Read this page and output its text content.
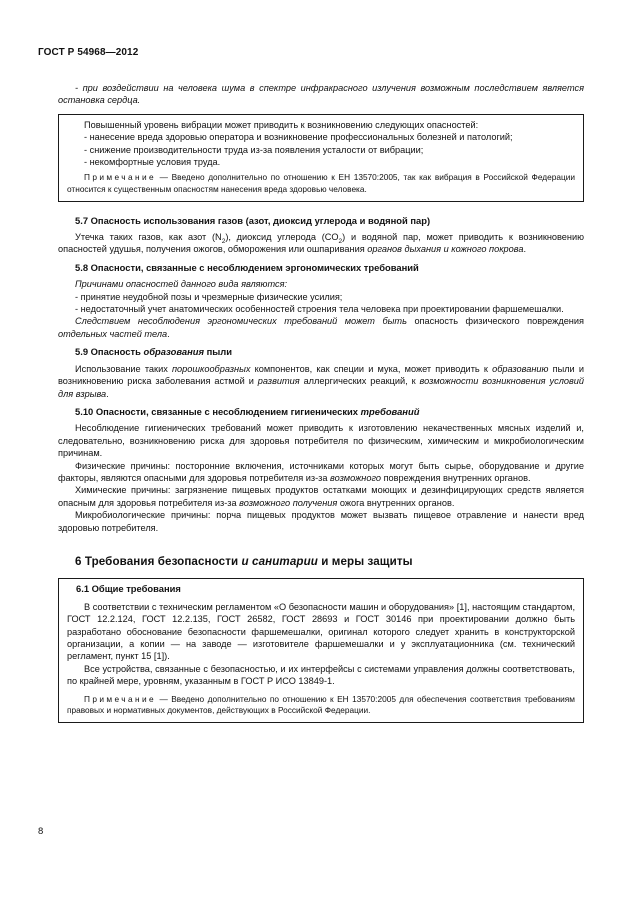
ГОСТ Р 54968—2012

- при воздействии на человека шума в спектре инфракрасного излучения возможным последствием является остановка сердца.

Повышенный уровень вибрации может приводить к возникновению следующих опасностей:

- нанесение вреда здоровью оператора и возникновение профессиональных болезней и патологий;

- снижение производительности труда из-за появления усталости от вибрации;

- некомфортные условия труда.

Примечание — Введено дополнительно по отношению к ЕН 13570:2005, так как вибрация в Российской Федерации относится к существенным опасностям нанесения вреда здоровью человека.

5.7 Опасность использования газов (азот, диоксид углерода и водяной пар)

Утечка таких газов, как азот $(N_2)$, диоксид углерода $(CO_2)$ и водяной пар, может приводить к возникновению опасностей удушья, получения ожогов, обморожения или ошпаривания органов дыхания и кожного покрова.

5.8 Опасности, связанные с несоблюдением эргономических требований

Причинами опасностей данного вида являются:

- принятие неудобной позы и чрезмерные физические усилия;

- недостаточный учет анатомических особенностей строения тела человека при проектировании фаршемешалки.

Следствием несоблюдения эргономических требований может быть опасность физического повреждения отдельных частей тела.

5.9 Опасность образования пыли

Использование таких порошкообразных компонентов, как специи и мука, может приводить к образованию пыли и возникновению риска заболевания астмой и развития аллергических реакций, к возможности возникновения условий для взрыва.

5.10 Опасности, связанные с несоблюдением гигиенических требований

Несоблюдение гигиенических требований может приводить к изготовлению некачественных мясных изделий и, следовательно, возникновению риска для здоровья потребителя по физическим, химическим и микробиологическим причинам.

Физические причины: посторонние включения, источниками которых могут быть сырье, оборудование и другие факторы, являются опасными для здоровья потребителя из-за возможного повреждения внутренних органов.

Химические причины: загрязнение пищевых продуктов остатками моющих и дезинфицирующих средств является опасным для здоровья потребителя из-за возможного получения ожога внутренних органов.

Микробиологические причины: порча пищевых продуктов может вызвать пищевое отравление и нанести вред здоровью потребителя.

6 Требования безопасности и санитарии и меры защиты
6.1 Общие требования

В соответствии с техническим регламентом «О безопасности машин и оборудования» [1], настоящим стандартом, ГОСТ 12.2.124, ГОСТ 12.2.135, ГОСТ 26582, ГОСТ 28693 и ГОСТ 30146 при проектировании должно быть разработано обоснование безопасности фаршемешалки, оригинал которого следует хранить в конструкторской организации, а копии — на заводе — изготовителе фаршемешалки и у эксплуатационника (см. технический регламент, пункт 15 [1]).

Все устройства, связанные с безопасностью, и их интерфейсы с системами управления должны соответствовать, по крайней мере, уровням, указанным в ГОСТ Р ИСО 13849-1.

Примечание — Введено дополнительно по отношению к ЕН 13570:2005 для обеспечения соответствия требованиям правовых и нормативных документов, действующих в Российской Федерации.

8
